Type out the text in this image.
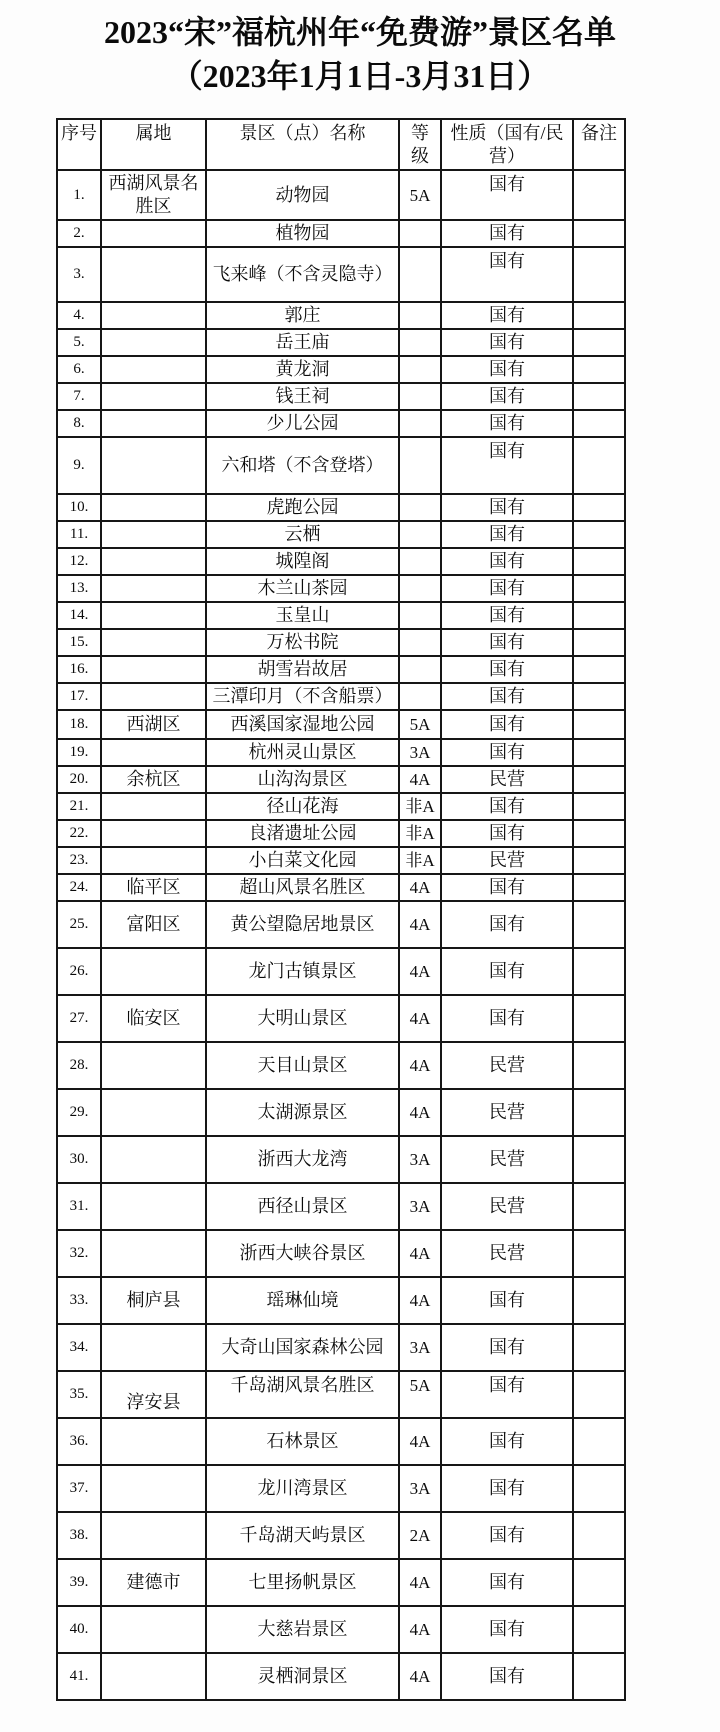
2023“宋”福杭州年“免费游”景区名单
（2023年1月1日-3月31日）
序号	属地	景区（点）名称	等级	性质（国有/民营）	备注
1.	西湖风景名胜区	动物园	5A	国有	
2.		植物园		国有	
3.		飞来峰（不含灵隐寺）		国有	
4.		郭庄		国有	
5.		岳王庙		国有	
6.		黄龙洞		国有	
7.		钱王祠		国有	
8.		少儿公园		国有	
9.		六和塔（不含登塔）		国有	
10.		虎跑公园		国有	
11.		云栖		国有	
12.		城隍阁		国有	
13.		木兰山茶园		国有	
14.		玉皇山		国有	
15.		万松书院		国有	
16.		胡雪岩故居		国有	
17.		三潭印月（不含船票）		国有	
18.	西湖区	西溪国家湿地公园	5A	国有	
19.		杭州灵山景区	3A	国有	
20.	余杭区	山沟沟景区	4A	民营	
21.		径山花海	非A	国有	
22.		良渚遗址公园	非A	国有	
23.		小白菜文化园	非A	民营	
24.	临平区	超山风景名胜区	4A	国有	
25.	富阳区	黄公望隐居地景区	4A	国有	
26.		龙门古镇景区	4A	国有	
27.	临安区	大明山景区	4A	国有	
28.		天目山景区	4A	民营	
29.		太湖源景区	4A	民营	
30.		浙西大龙湾	3A	民营	
31.		西径山景区	3A	民营	
32.		浙西大峡谷景区	4A	民营	
33.	桐庐县	瑶琳仙境	4A	国有	
34.		大奇山国家森林公园	3A	国有	
35.	淳安县	千岛湖风景名胜区	5A	国有	
36.		石林景区	4A	国有	
37.		龙川湾景区	3A	国有	
38.		千岛湖天屿景区	2A	国有	
39.	建德市	七里扬帆景区	4A	国有	
40.		大慈岩景区	4A	国有	
41.		灵栖洞景区	4A	国有	
